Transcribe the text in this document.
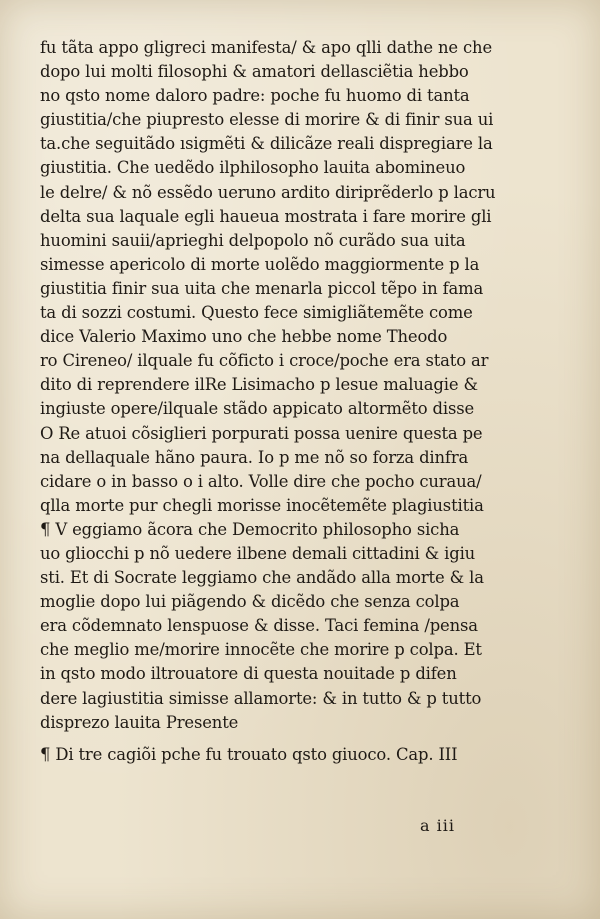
fu tãta appo gligreci manifesta/ & apo qlli dathe ne che
dopo lui molti filosophi & amatori dellasciẽtia hebbo
no qsto nome daloro padre: poche fu huomo di tanta
giustitia/che piupresto elesse di morire & di finir sua ui
ta.che seguitãdo ısigmẽti & dilicãze reali dispregiare la
giustitia. Che uedẽdo ilphilosopho lauita abomineuo
le delre/ & nõ essẽdo ueruno ardito diriprẽderlo p lacru
delta sua laquale egli haueua mostrata i fare morire gli
huomini sauii/aprieghi delpopolo nõ curãdo sua uita
simesse apericolo di morte uolẽdo maggiormente p la
giustitia finir sua uita che menarla piccol tẽpo in fama
ta di sozzi costumi. Questo fece simigliãtemẽte come
dice Valerio Maximo uno che hebbe nome Theodo
ro Cireneo/ ilquale fu cõficto i croce/poche era stato ar
dito di reprendere ilRe Lisimacho p lesue maluagie &
ingiuste opere/ilquale stãdo appicato altormẽto disse
O Re atuoi cõsiglieri porpurati possa uenire questa pe
na dellaquale hãno paura. Io p me nõ so forza dinfra
cidare o in basso o i alto. Volle dire che pocho curaua/
qlla morte pur chegli morisse inocẽtemẽte plagiustitia
¶ V eggiamo ãcora che Democrito philosopho sicha
uo gliocchi p nõ uedere ilbene demali cittadini & igiu
sti. Et di Socrate leggiamo che andãdo alla morte & la
moglie dopo lui piãgendo & dicẽdo che senza colpa
era cõdemnato lenspuose & disse. Taci femina /pensa
che meglio me/morire innocẽte che morire p colpa. Et
in qsto modo iltrouatore di questa nouitade p difen
dere lagiustitia simisse allamorte: & in tutto & p tutto
disprezo lauita Presente
¶ Di tre cagiõi pche fu trouato qsto giuoco. Cap. III
a iii
